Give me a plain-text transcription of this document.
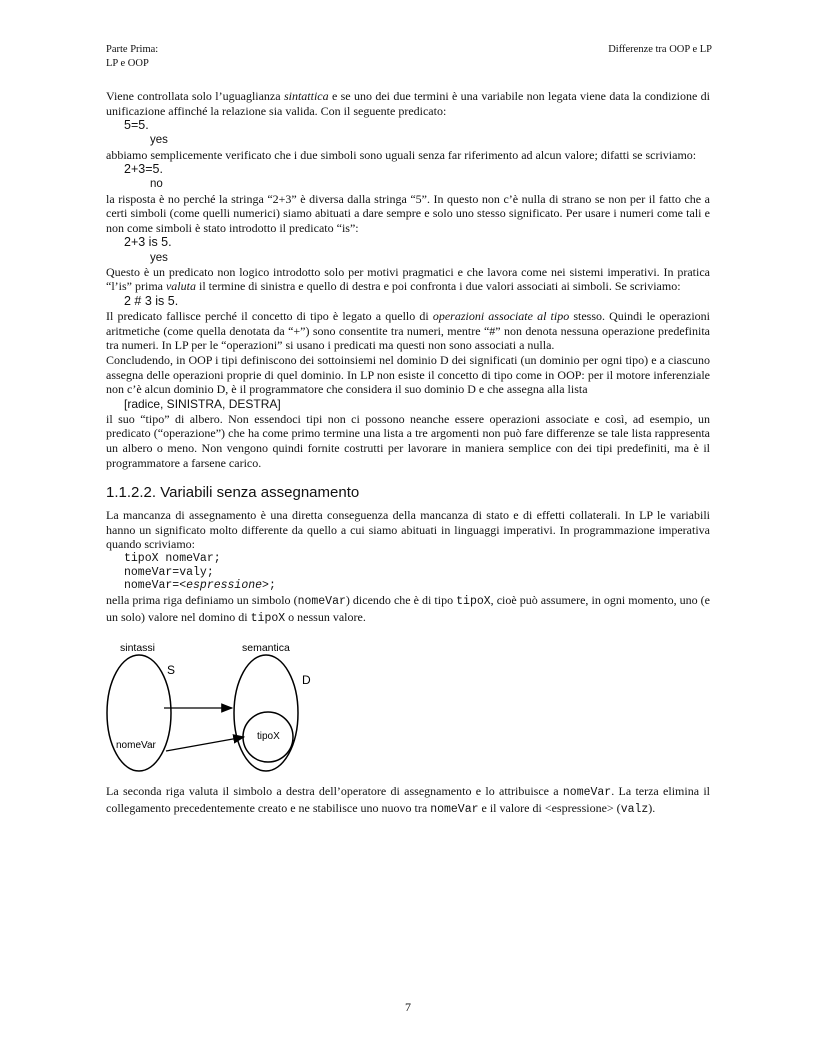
Parte Prima:
LP e OOP
Differenze tra OOP e LP

Viene controllata solo l’uguaglianza sintattica e se uno dei due termini è una variabile non legata viene data la condizione di unificazione affinché la relazione sia valida. Con il seguente predicato:

5=5.
yes

abbiamo semplicemente verificato che i due simboli sono uguali senza far riferimento ad alcun valore; difatti se scriviamo:

2+3=5.
no

la risposta è no perché la stringa “2+3” è diversa dalla stringa “5”. In questo non c’è nulla di strano se non per il fatto che a certi simboli (come quelli numerici) siamo abituati a dare sempre e solo uno stesso significato. Per usare i numeri come tali e non come simboli è stato introdotto il predicato “is”:

2+3 is 5.
yes

Questo è un predicato non logico introdotto solo per motivi pragmatici e che lavora come nei sistemi imperativi. In pratica “l’is” prima valuta il termine di sinistra e quello di destra e poi confronta i due valori associati ai simboli. Se scriviamo:

2 # 3 is 5.

Il predicato fallisce perché il concetto di tipo è legato a quello di operazioni associate al tipo stesso. Quindi le operazioni aritmetiche (come quella denotata da “+”) sono consentite tra numeri, mentre “#” non denota nessuna operazione predefinita tra numeri. In LP per le “operazioni” si usano i predicati ma questi non sono associati a nulla.

Concludendo, in OOP i tipi definiscono dei sottoinsiemi nel dominio D dei significati (un dominio per ogni tipo) e a ciascuno assegna delle operazioni proprie di quel dominio. In LP non esiste il concetto di tipo come in OOP: per il motore inferenziale non c’è alcun dominio D, è il programmatore che considera il suo dominio D e che assegna alla lista

[radice, SINISTRA, DESTRA]

il suo “tipo” di albero. Non essendoci tipi non ci possono neanche essere operazioni associate e così, ad esempio, un predicato (“operazione”) che ha come primo termine una lista a tre argomenti non può fare differenze se tale lista rappresenta un albero o meno. Non vengono quindi fornite costrutti per lavorare in maniera semplice con dei tipi predefiniti, ma è il programmatore a farsene carico.

1.1.2.2. Variabili senza assegnamento

La mancanza di assegnamento è una diretta conseguenza della mancanza di stato e di effetti collaterali. In LP le variabili hanno un significato molto differente da quello a cui siamo abituati in linguaggi imperativi. In programmazione imperativa quando scriviamo:

tipoX nomeVar;
nomeVar=valy;
nomeVar=<espressione>;

nella prima riga definiamo un simbolo (nomeVar) dicendo che è di tipo tipoX, cioè può assumere, in ogni momento, uno (e un solo) valore nel domino di tipoX o nessun valore.

sintassi	semantica
S
D
nomeVar
tipoX

La seconda riga valuta il simbolo a destra dell’operatore di assegnamento e lo attribuisce a nomeVar. La terza elimina il collegamento precedentemente creato e ne stabilisce uno nuovo tra nomeVar e il valore di <espressione> (valz).

7
